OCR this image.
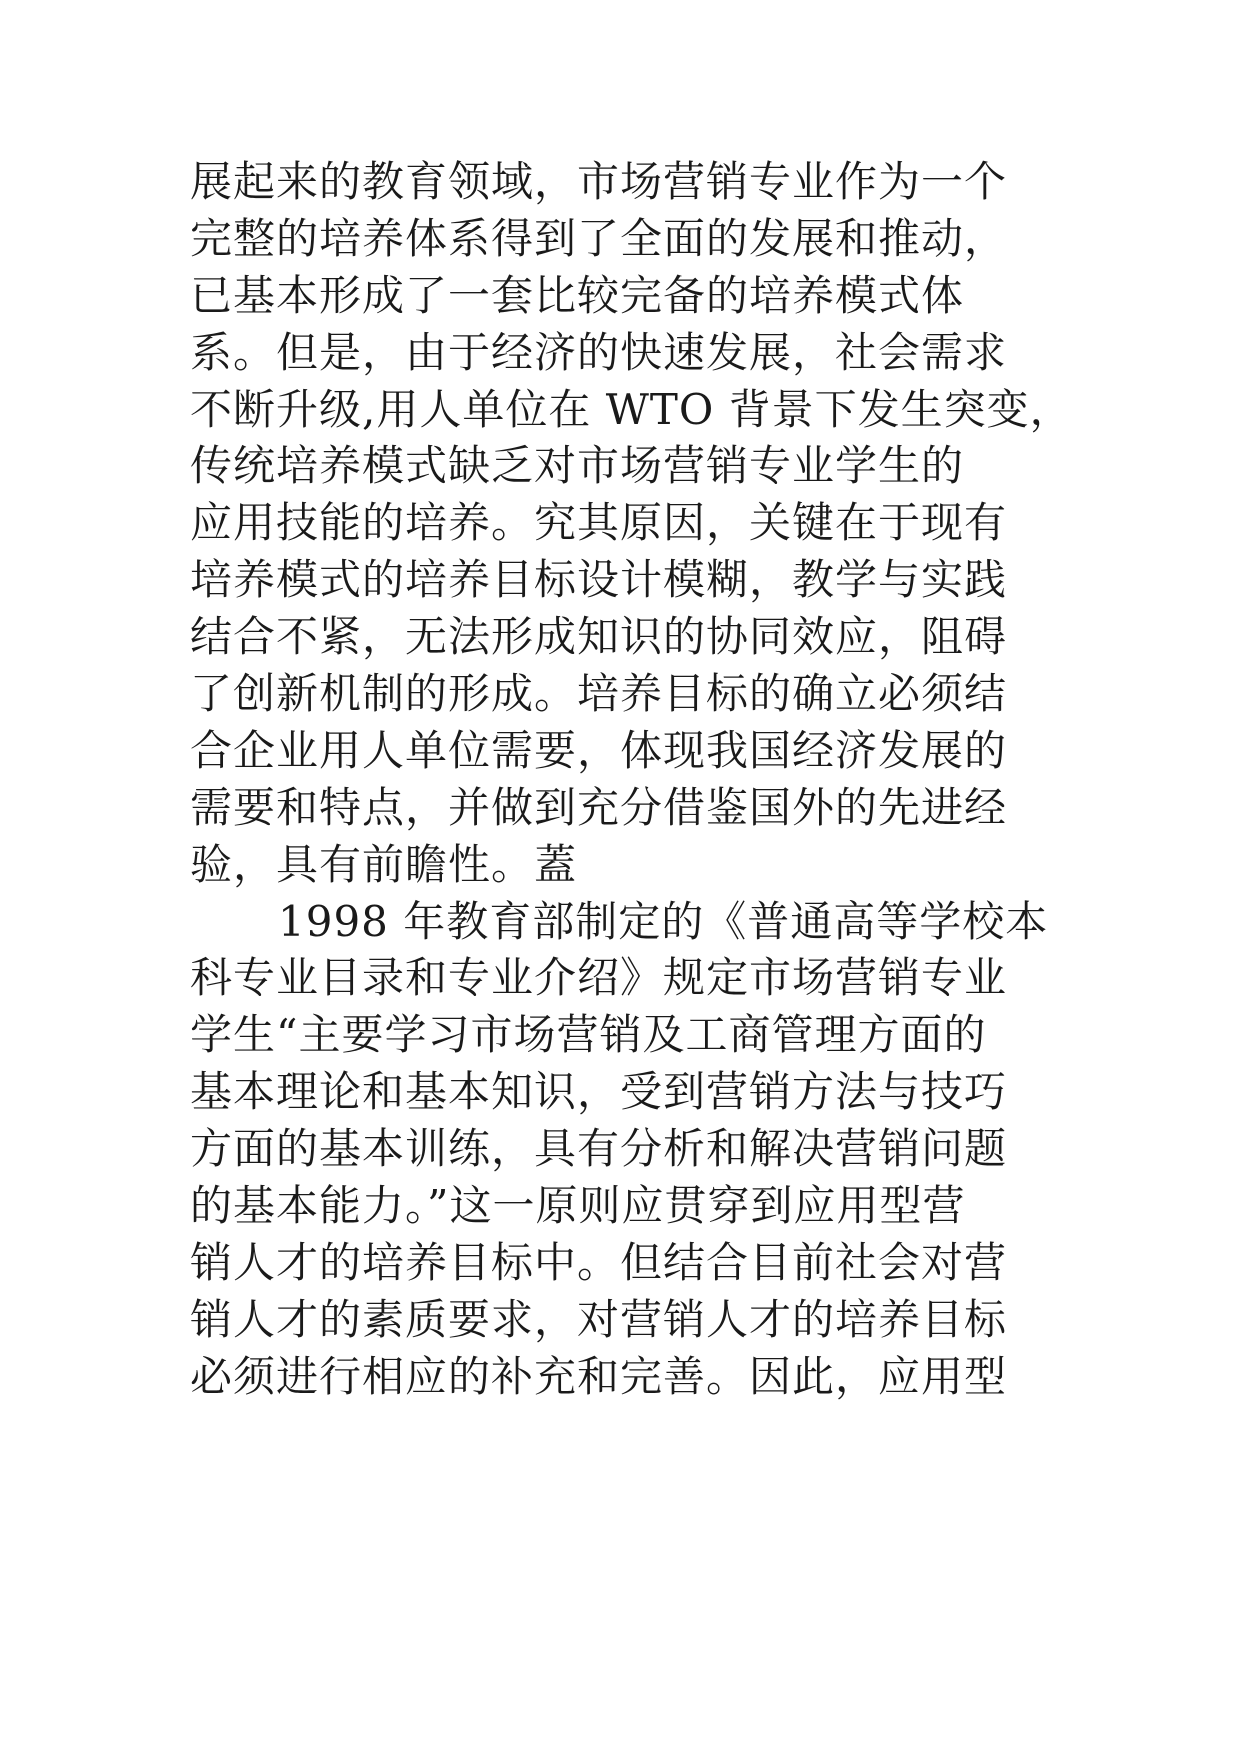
展起来的教育领域，市场营销专业作为一个
完整的培养体系得到了全面的发展和推动，
已基本形成了一套比较完备的培养模式体
系。但是，由于经济的快速发展，社会需求
不断升级,用人单位在 WTO 背景下发生突变，
传统培养模式缺乏对市场营销专业学生的
应用技能的培养。究其原因，关键在于现有
培养模式的培养目标设计模糊，教学与实践
结合不紧，无法形成知识的协同效应，阻碍
了创新机制的形成。培养目标的确立必须结
合企业用人单位需要，体现我国经济发展的
需要和特点，并做到充分借鉴国外的先进经
验，具有前瞻性。蓋
1998 年教育部制定的《普通高等学校本
科专业目录和专业介绍》规定市场营销专业
学生“主要学习市场营销及工商管理方面的
基本理论和基本知识，受到营销方法与技巧
方面的基本训练，具有分析和解决营销问题
的基本能力。”这一原则应贯穿到应用型营
销人才的培养目标中。但结合目前社会对营
销人才的素质要求，对营销人才的培养目标
必须进行相应的补充和完善。因此，应用型
